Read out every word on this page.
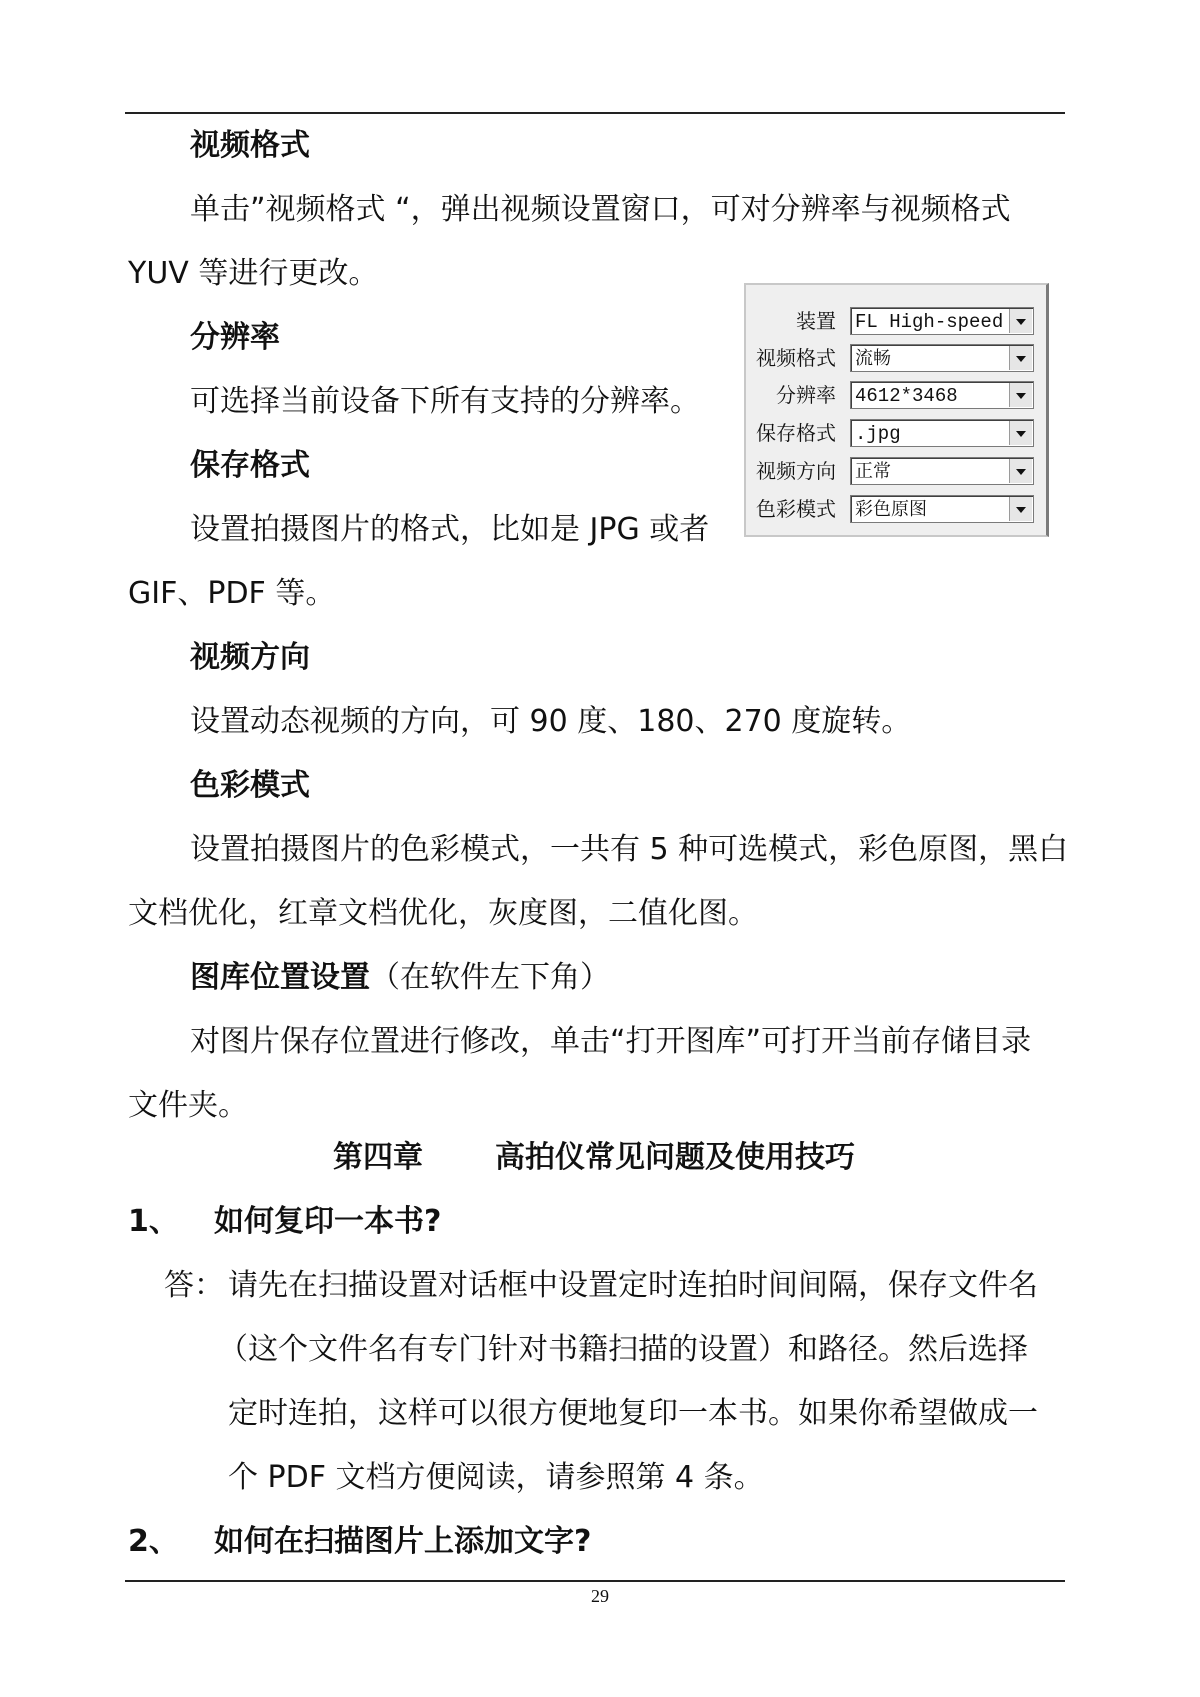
视频格式
单击”视频格式 “，弹出视频设置窗口，可对分辨率与视频格式
YUV 等进行更改。
分辨率
可选择当前设备下所有支持的分辨率。
保存格式
设置拍摄图片的格式，比如是 JPG 或者
GIF、PDF 等。
视频方向
设置动态视频的方向，可 90 度、180、270 度旋转。
色彩模式
设置拍摄图片的色彩模式，一共有 5 种可选模式，彩色原图，黑白
文档优化，红章文档优化，灰度图，二值化图。
图库位置设置（在软件左下角）
对图片保存位置进行修改，单击“打开图库”可打开当前存储目录
文件夹。
第四章 高拍仪常见问题及使用技巧
1、 如何复印一本书?
答： 请先在扫描设置对话框中设置定时连拍时间间隔，保存文件名
（这个文件名有专门针对书籍扫描的设置）和路径。然后选择
定时连拍，这样可以很方便地复印一本书。如果你希望做成一
个 PDF 文档方便阅读，请参照第 4 条。
2、 如何在扫描图片上添加文字?
29
装置 FL High-speed
视频格式 流畅
分辨率 4612*3468
保存格式 .jpg
视频方向 正常
色彩模式 彩色原图
